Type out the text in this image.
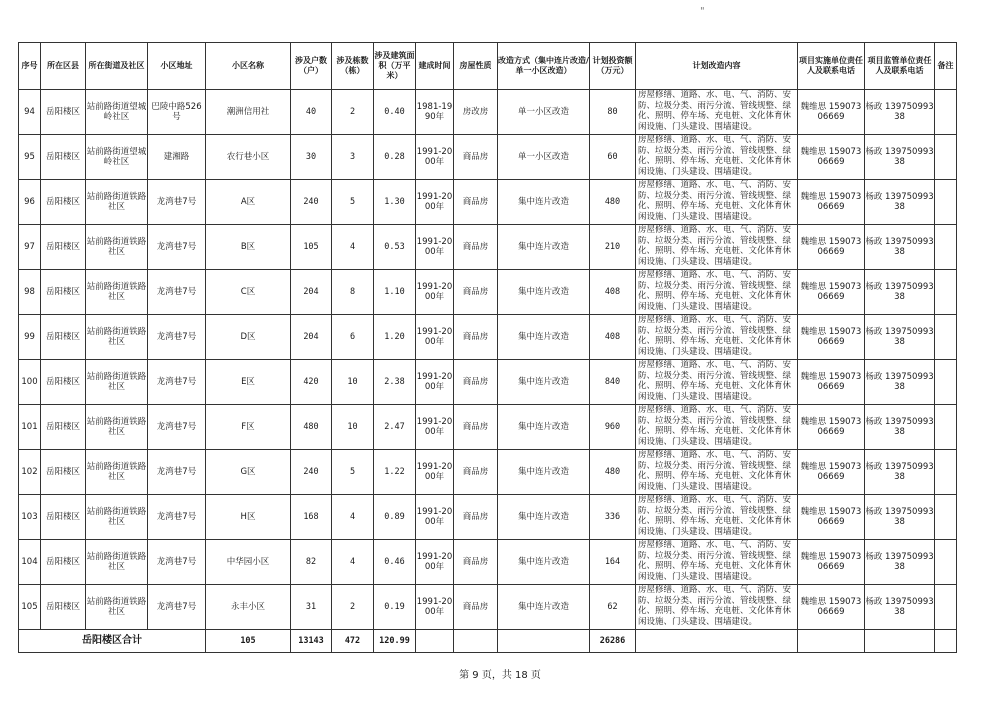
"
序号	所在区县	所在街道及社区	小区地址	小区名称	涉及户数（户）	涉及栋数（栋）	涉及建筑面积（万平米）	建成时间	房屋性质	改造方式（集中连片改造/单一小区改造）	计划投资额（万元）	计划改造内容	项目实施单位责任人及联系电话	项目监管单位责任人及联系电话	备注
94	岳阳楼区	站前路街道望城岭社区	巴陵中路526号	潮洲信用社	40	2	0.40	1981-1990年	房改房	单一小区改造	80	房屋修缮、道路、水、电、气、消防、安防、垃圾分类、雨污分流、管线规整、绿化、照明、停车场、充电桩、文化体育休闲设施、门头建设、围墙建设。	魏维思 15907306669	杨政 13975099338	
95	岳阳楼区	站前路街道望城岭社区	建湘路	农行巷小区	30	3	0.28	1991-2000年	商品房	单一小区改造	60	房屋修缮、道路、水、电、气、消防、安防、垃圾分类、雨污分流、管线规整、绿化、照明、停车场、充电桩、文化体育休闲设施、门头建设、围墙建设。	魏维思 15907306669	杨政 13975099338	
96	岳阳楼区	站前路街道铁路社区	龙湾巷7号	A区	240	5	1.30	1991-2000年	商品房	集中连片改造	480	房屋修缮、道路、水、电、气、消防、安防、垃圾分类、雨污分流、管线规整、绿化、照明、停车场、充电桩、文化体育休闲设施、门头建设、围墙建设。	魏维思 15907306669	杨政 13975099338	
97	岳阳楼区	站前路街道铁路社区	龙湾巷7号	B区	105	4	0.53	1991-2000年	商品房	集中连片改造	210	房屋修缮、道路、水、电、气、消防、安防、垃圾分类、雨污分流、管线规整、绿化、照明、停车场、充电桩、文化体育休闲设施、门头建设、围墙建设。	魏维思 15907306669	杨政 13975099338	
98	岳阳楼区	站前路街道铁路社区	龙湾巷7号	C区	204	8	1.10	1991-2000年	商品房	集中连片改造	408	房屋修缮、道路、水、电、气、消防、安防、垃圾分类、雨污分流、管线规整、绿化、照明、停车场、充电桩、文化体育休闲设施、门头建设、围墙建设。	魏维思 15907306669	杨政 13975099338	
99	岳阳楼区	站前路街道铁路社区	龙湾巷7号	D区	204	6	1.20	1991-2000年	商品房	集中连片改造	408	房屋修缮、道路、水、电、气、消防、安防、垃圾分类、雨污分流、管线规整、绿化、照明、停车场、充电桩、文化体育休闲设施、门头建设、围墙建设。	魏维思 15907306669	杨政 13975099338	
100	岳阳楼区	站前路街道铁路社区	龙湾巷7号	E区	420	10	2.38	1991-2000年	商品房	集中连片改造	840	房屋修缮、道路、水、电、气、消防、安防、垃圾分类、雨污分流、管线规整、绿化、照明、停车场、充电桩、文化体育休闲设施、门头建设、围墙建设。	魏维思 15907306669	杨政 13975099338	
101	岳阳楼区	站前路街道铁路社区	龙湾巷7号	F区	480	10	2.47	1991-2000年	商品房	集中连片改造	960	房屋修缮、道路、水、电、气、消防、安防、垃圾分类、雨污分流、管线规整、绿化、照明、停车场、充电桩、文化体育休闲设施、门头建设、围墙建设。	魏维思 15907306669	杨政 13975099338	
102	岳阳楼区	站前路街道铁路社区	龙湾巷7号	G区	240	5	1.22	1991-2000年	商品房	集中连片改造	480	房屋修缮、道路、水、电、气、消防、安防、垃圾分类、雨污分流、管线规整、绿化、照明、停车场、充电桩、文化体育休闲设施、门头建设、围墙建设。	魏维思 15907306669	杨政 13975099338	
103	岳阳楼区	站前路街道铁路社区	龙湾巷7号	H区	168	4	0.89	1991-2000年	商品房	集中连片改造	336	房屋修缮、道路、水、电、气、消防、安防、垃圾分类、雨污分流、管线规整、绿化、照明、停车场、充电桩、文化体育休闲设施、门头建设、围墙建设。	魏维思 15907306669	杨政 13975099338	
104	岳阳楼区	站前路街道铁路社区	龙湾巷7号	中华园小区	82	4	0.46	1991-2000年	商品房	集中连片改造	164	房屋修缮、道路、水、电、气、消防、安防、垃圾分类、雨污分流、管线规整、绿化、照明、停车场、充电桩、文化体育休闲设施、门头建设、围墙建设。	魏维思 15907306669	杨政 13975099338	
105	岳阳楼区	站前路街道铁路社区	龙湾巷7号	永丰小区	31	2	0.19	1991-2000年	商品房	集中连片改造	62	房屋修缮、道路、水、电、气、消防、安防、垃圾分类、雨污分流、管线规整、绿化、照明、停车场、充电桩、文化体育休闲设施、门头建设、围墙建设。	魏维思 15907306669	杨政 13975099338	
岳阳楼区合计				105	13143	472	120.99				26286				
第 9 页，共 18 页
